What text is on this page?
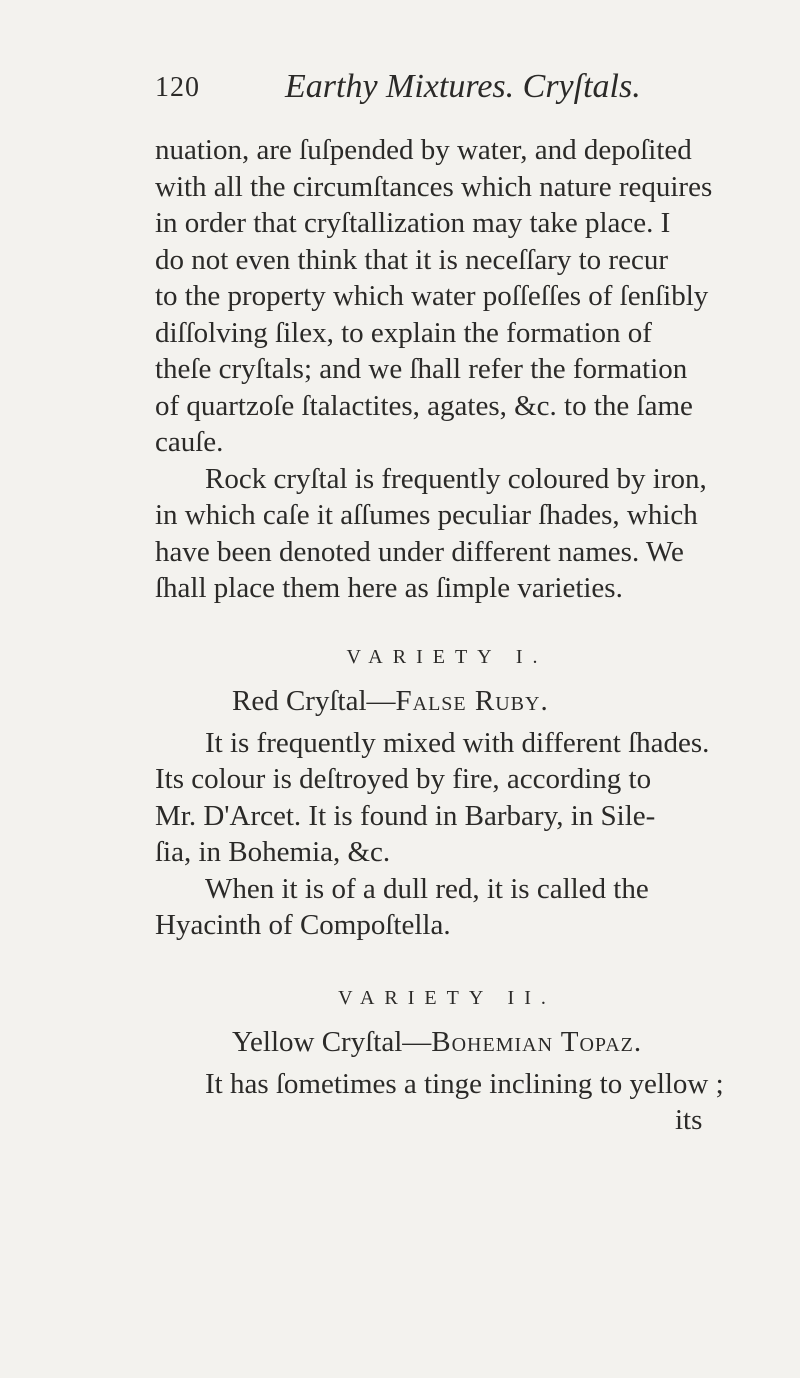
120	Earthy Mixtures. Cryſtals.
nuation, are ſuſpended by water, and depoſited
with all the circumſtances which nature requires
in order that cryſtallization may take place. I
do not even think that it is neceſſary to recur
to the property which water poſſeſſes of ſenſibly
diſſolving ſilex, to explain the formation of
theſe cryſtals; and we ſhall refer the formation
of quartzoſe ſtalactites, agates, &c. to the ſame
cauſe.
Rock cryſtal is frequently coloured by iron,
in which caſe it aſſumes peculiar ſhades, which
have been denoted under different names. We
ſhall place them here as ſimple varieties.
VARIETY I.
Red Cryſtal—False Ruby.
It is frequently mixed with different ſhades.
Its colour is deſtroyed by fire, according to
Mr. D'Arcet. It is found in Barbary, in Sile-
ſia, in Bohemia, &c.
When it is of a dull red, it is called the
Hyacinth of Compoſtella.
VARIETY II.
Yellow Cryſtal—Bohemian Topaz.
It has ſometimes a tinge inclining to yellow ;
its
